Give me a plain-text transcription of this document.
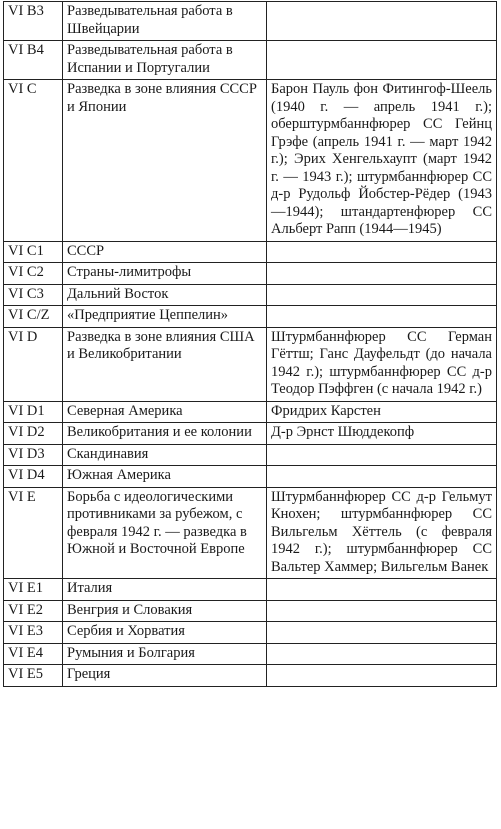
VI B3	Разведывательная работа в Швейцарии	
VI B4	Разведывательная работа в Испании и Португалии	
VI C	Разведка в зоне влияния СССР и Японии	Барон Пауль фон Фитингоф-Шеель (1940 г. — апрель 1941 г.); оберштурмбаннфюрер СС Гейнц Грэфе (апрель 1941 г. — март 1942 г.); Эрих Хенгельхаупт (март 1942 г. — 1943 г.); штурмбаннфюрер СС д-р Рудольф Йобстер-Рёдер (1943—1944); штандартенфюрер СС Альберт Рапп (1944—1945)
VI C1	СССР	
VI C2	Страны-лимитрофы	
VI C3	Дальний Восток	
VI C/Z	«Предприятие Цеппелин»	
VI D	Разведка в зоне влияния США и Великобритании	Штурмбаннфюрер СС Герман Гёттш; Ганс Дауфельдт (до начала 1942 г.); штурмбаннфюрер СС д-р Теодор Пэффген (с начала 1942 г.)
VI D1	Северная Америка	Фридрих Карстен
VI D2	Великобритания и ее колонии	Д-р Эрнст Шюддекопф
VI D3	Скандинавия	
VI D4	Южная Америка	
VI E	Борьба с идеологическими противниками за рубежом, с февраля 1942 г. — разведка в Южной и Восточной Европе	Штурмбаннфюрер СС д-р Гельмут Кнохен; штурмбаннфюрер СС Вильгельм Хёттель (с февраля 1942 г.); штурмбаннфюрер СС Вальтер Хаммер; Вильгельм Ванек
VI E1	Италия	
VI E2	Венгрия и Словакия	
VI E3	Сербия и Хорватия	
VI E4	Румыния и Болгария	
VI E5	Греция	
